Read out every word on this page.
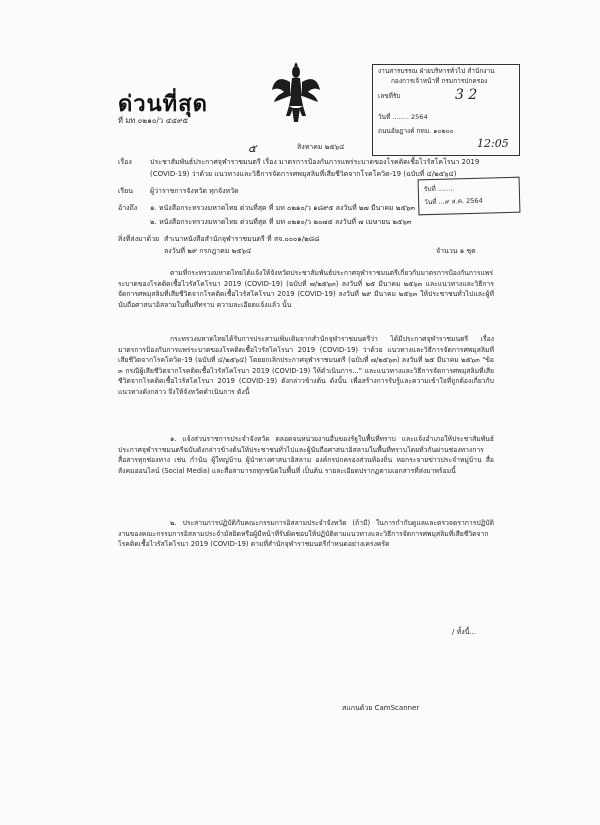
ด่วนที่สุด
ที่ มท ๐๒๑๐/ว ๔๔๙๕
งานสารบรรณ ฝ่ายบริหารทั่วไป สำนักงาน
กองการเจ้าหน้าที่ กรมการปกครอง
เลขที่รับ	3 2
วันที่ ........ 2564
ถนนอัษฎางค์ กทม. ๑๐๒๐๐
12:05
รับที่ ........
วันที่ ...๙ ส.ค. 2564
๕	สิงหาคม ๒๕๖๔
เรื่อง	ประชาสัมพันธ์ประกาศจุฬาราชมนตรี เรื่อง มาตรการป้องกันการแพร่ระบาดของโรคติดเชื้อไวรัสโคโรนา 2019
(COVID-19) ว่าด้วย แนวทางและวิธีการจัดการศพมุสลิมที่เสียชีวิตจากโรคโควิด-19 (ฉบับที่ ๔/๒๕๖๔)
เรียน ผู้ว่าราชการจังหวัด ทุกจังหวัด
อ้างถึง ๑. หนังสือกระทรวงมหาดไทย ด่วนที่สุด ที่ มท ๐๒๑๐/ว ๑๘๙๕ ลงวันที่ ๒๗ มีนาคม ๒๕๖๓
๒. หนังสือกระทรวงมหาดไทย ด่วนที่สุด ที่ มท ๐๒๑๐/ว ๒๐๗๕ ลงวันที่ ๗ เมษายน ๒๕๖๓
สิ่งที่ส่งมาด้วย สำเนาหนังสือสำนักจุฬาราชมนตรี ที่ สจ.๐๐๐๑/๒๘๘
ลงวันที่ ๒๙ กรกฎาคม ๒๕๖๔	จำนวน ๑ ชุด
ตามที่กระทรวงมหาดไทยได้แจ้งให้จังหวัดประชาสัมพันธ์ประกาศจุฬาราชมนตรีเกี่ยวกับมาตรการป้องกันการแพร่ระบาดของโรคติดเชื้อไวรัสโคโรนา 2019 (COVID-19) (ฉบับที่ ๗/๒๕๖๓) ลงวันที่ ๒๕ มีนาคม ๒๕๖๓ และแนวทางและวิธีการจัดการศพมุสลิมที่เสียชีวิตจากโรคติดเชื้อไวรัสโคโรนา 2019 (COVID-19) ลงวันที่ ๒๙ มีนาคม ๒๕๖๓ ให้ประชาชนทั่วไปและผู้ที่นับถือศาสนาอิสลามในพื้นที่ทราบ ความละเอียดแจ้งแล้ว นั้น
กระทรวงมหาดไทยได้รับการประสานเพิ่มเติมจากสำนักจุฬาราชมนตรีว่า ได้มีประกาศจุฬาราชมนตรี เรื่อง มาตรการป้องกันการแพร่ระบาดของโรคติดเชื้อไวรัสโคโรนา 2019 (COVID-19) ว่าด้วย แนวทางและวิธีการจัดการศพมุสลิมที่เสียชีวิตจากโรคโควิด-19 (ฉบับที่ ๔/๒๕๖๔) โดยยกเลิกประกาศจุฬาราชมนตรี (ฉบับที่ ๗/๒๕๖๓) ลงวันที่ ๒๕ มีนาคม ๒๕๖๓ "ข้อ ๓ กรณีผู้เสียชีวิตจากโรคติดเชื้อไวรัสโคโรนา 2019 (COVID-19) ให้ดำเนินการ..." และแนวทางและวิธีการจัดการศพมุสลิมที่เสียชีวิตจากโรคติดเชื้อไวรัสโคโรนา 2019 (COVID-19) ดังกล่าวข้างต้น ดังนั้น เพื่อสร้างการรับรู้และความเข้าใจที่ถูกต้องเกี่ยวกับแนวทางดังกล่าว จึงให้จังหวัดดำเนินการ ดังนี้
๑. แจ้งส่วนราชการประจำจังหวัด ตลอดจนหน่วยงานอื่นของรัฐในพื้นที่ทราบ และแจ้งอำเภอให้ประชาสัมพันธ์ประกาศจุฬาราชมนตรีฉบับดังกล่าวข้างต้นให้ประชาชนทั่วไปและผู้นับถือศาสนาอิสลามในพื้นที่ทราบโดยทั่วกันผ่านช่องทางการสื่อสารทุกช่องทาง เช่น กำนัน ผู้ใหญ่บ้าน ผู้นำทางศาสนาอิสลาม องค์กรปกครองส่วนท้องถิ่น หอกระจายข่าวประจำหมู่บ้าน สื่อสังคมออนไลน์ (Social Media) และสื่อสามารถทุกชนิดในพื้นที่ เป็นต้น รายละเอียดปรากฏตามเอกสารที่ส่งมาพร้อมนี้
๒. ประสานการปฏิบัติกับคณะกรรมการอิสลามประจำจังหวัด (ถ้ามี) ในการกำกับดูแลและตรวจตราการปฏิบัติงานของคณะกรรมการอิสลามประจำมัสยิดหรือผู้มีหน้าที่รับผิดชอบให้ปฏิบัติตามแนวทางและวิธีการจัดการศพมุสลิมที่เสียชีวิตจากโรคติดเชื้อไวรัสโคโรนา 2019 (COVID-19) ตามที่สำนักจุฬาราชมนตรีกำหนดอย่างเคร่งครัด
/ ทั้งนี้...
สแกนด้วย CamScanner
